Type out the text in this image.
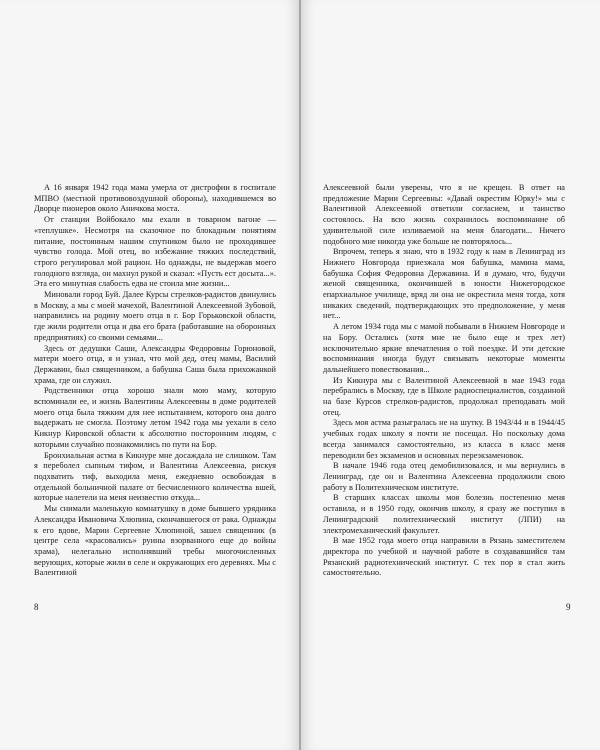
А 16 января 1942 года мама умерла от дистрофии в госпитале МПВО (местной противовоздушной обороны), находившемся во Дворце пионеров около Аничкова моста.

От станции Войбокало мы ехали в товарном вагоне — «теплушке». Несмотря на сказочное по блокадным понятиям питание, постоянным нашим спутником было не проходившее чувство голода. Мой отец, во избежание тяжких последствий, строго регулировал мой рацион. Но однажды, не выдержав моего голодного взгляда, он махнул рукой и сказал: «Пусть ест досыта...». Эта его минутная слабость едва не стоила мне жизни...

Миновали город Буй. Далее Курсы стрелков-радистов двинулись в Москву, а мы с моей мачехой, Валентиной Алексеевной Зубовой, направились на родину моего отца в г. Бор Горьковской области, где жили родители отца и два его брата (работавшие на оборонных предприятиях) со своими семьями...

Здесь от дедушки Саши, Александры Федоровны Горюновой, матери моего отца, я и узнал, что мой дед, отец мамы, Василий Державин, был священником, а бабушка Саша была прихожанкой храма, где он служил.

Родственники отца хорошо знали мою маму, которую вспоминали ее, и жизнь Валентины Алексеевны в доме родителей моего отца была тяжким для нее испытанием, которого она долго выдержать не смогла. Поэтому летом 1942 года мы уехали в село Кикнур Кировской области к абсолютно посторонним людям, с которыми случайно познакомились по пути на Бор.

Бронхиальная астма в Кикнуре мне досаждала не слишком. Там я переболел сыпным тифом, и Валентина Алексеевна, рискуя подхватить тиф, выходила меня, ежедневно освобождая в отдельной больничной палате от бесчисленного количества вшей, которые налетели на меня неизвестно откуда...

Мы снимали маленькую комнатушку в доме бывшего урядника Александра Ивановича Хлюпина, скончавшегося от рака. Однажды к его вдове, Марии Сергеевне Хлюпиной, зашел священник (в центре села «красовались» руины взорванного еще до войны храма), нелегально исполнявший требы многочисленных верующих, которые жили в селе и окружающих его деревнях. Мы с Валентиной

8

Алексеевной были уверены, что я не крещен. В ответ на предложение Марии Сергеевны: «Давай окрестим Юрку!» мы с Валентиной Алексеевной ответили согласием, и таинство состоялось. На всю жизнь сохранилось воспоминание об удивительной силе изливаемой на меня благодати... Ничего подобного мне никогда уже больше не повторялось...

Впрочем, теперь я знаю, что в 1932 году к нам в Ленинград из Нижнего Новгорода приезжала моя бабушка, мамина мама, бабушка София Федоровна Державина. И я думаю, что, будучи женой священника, окончившей в юности Нижегородское епархиальное училище, вряд ли она не окрестила меня тогда, хотя никаких сведений, подтверждающих это предположение, у меня нет...

А летом 1934 года мы с мамой побывали в Нижнем Новгороде и на Бору. Остались (хотя мне не было еще и трех лет) исключительно яркие впечатления о той поездке. И эти детские воспоминания иногда будут связывать некоторые моменты дальнейшего повествования...

Из Кикнура мы с Валентиной Алексеевной в мае 1943 года перебрались в Москву, где в Школе радиоспециалистов, созданной на базе Курсов стрелков-радистов, продолжал преподавать мой отец.

Здесь моя астма разыгралась не на шутку. В 1943/44 и в 1944/45 учебных годах школу я почти не посещал. Но поскольку дома всегда занимался самостоятельно, из класса в класс меня переводили без экзаменов и основных переэкзаменовок.

В начале 1946 года отец демобилизовался, и мы вернулись в Ленинград, где он и Валентина Алексеевна продолжили свою работу в Политехническом институте.

В старших классах школы моя болезнь постепенно меня оставила, и в 1950 году, окончив школу, я сразу же поступил в Ленинградский политехнический институт (ЛПИ) на электромеханический факультет.

В мае 1952 года моего отца направили в Рязань заместителем директора по учебной и научной работе в создававшийся там Рязанский радиотехнический институт. С тех пор я стал жить самостоятельно.

9
